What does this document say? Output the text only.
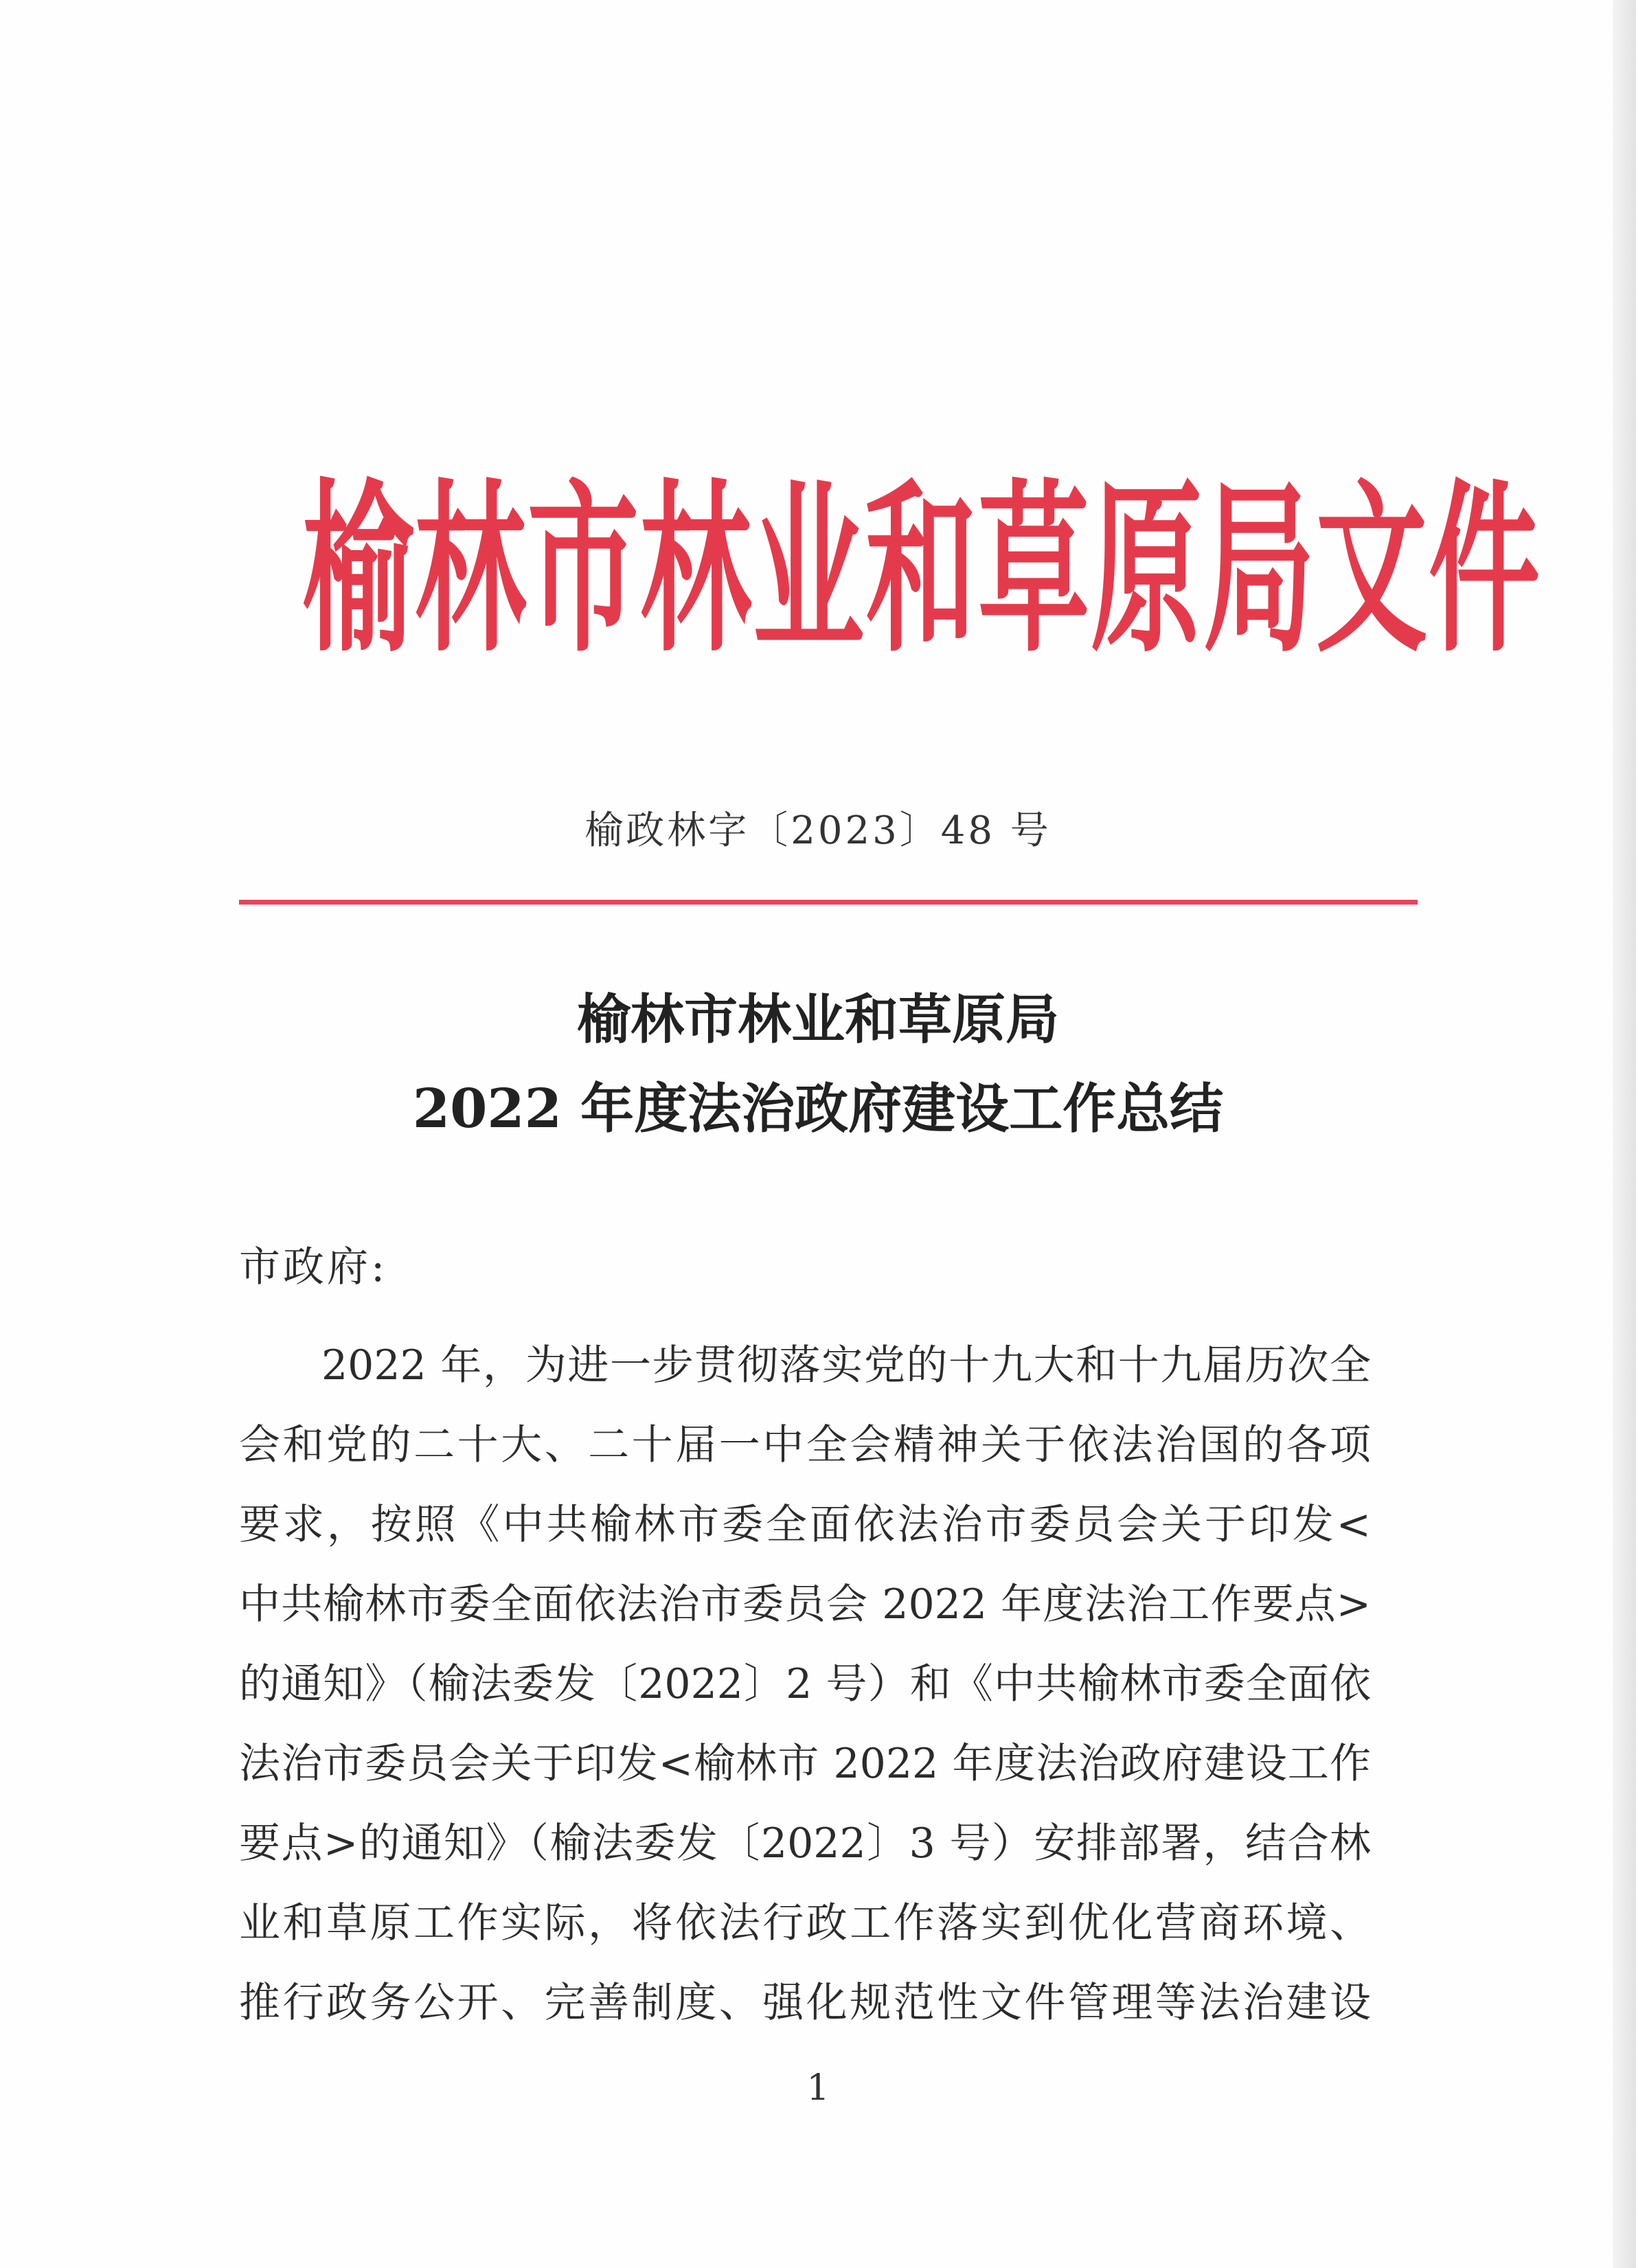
榆林市林业和草原局文件
榆政林字〔2023〕48 号
榆林市林业和草原局
2022 年度法治政府建设工作总结
市政府:
2022 年，为进一步贯彻落实党的十九大和十九届历次全
会和党的二十大、二十届一中全会精神关于依法治国的各项
要求，按照《中共榆林市委全面依法治市委员会关于印发<
中共榆林市委全面依法治市委员会 2022 年度法治工作要点>
的通知》（榆法委发〔2022〕2 号）和《中共榆林市委全面依
法治市委员会关于印发<榆林市 2022 年度法治政府建设工作
要点>的通知》（榆法委发〔2022〕3 号）安排部署，结合林
业和草原工作实际，将依法行政工作落实到优化营商环境、
推行政务公开、完善制度、强化规范性文件管理等法治建设
1
